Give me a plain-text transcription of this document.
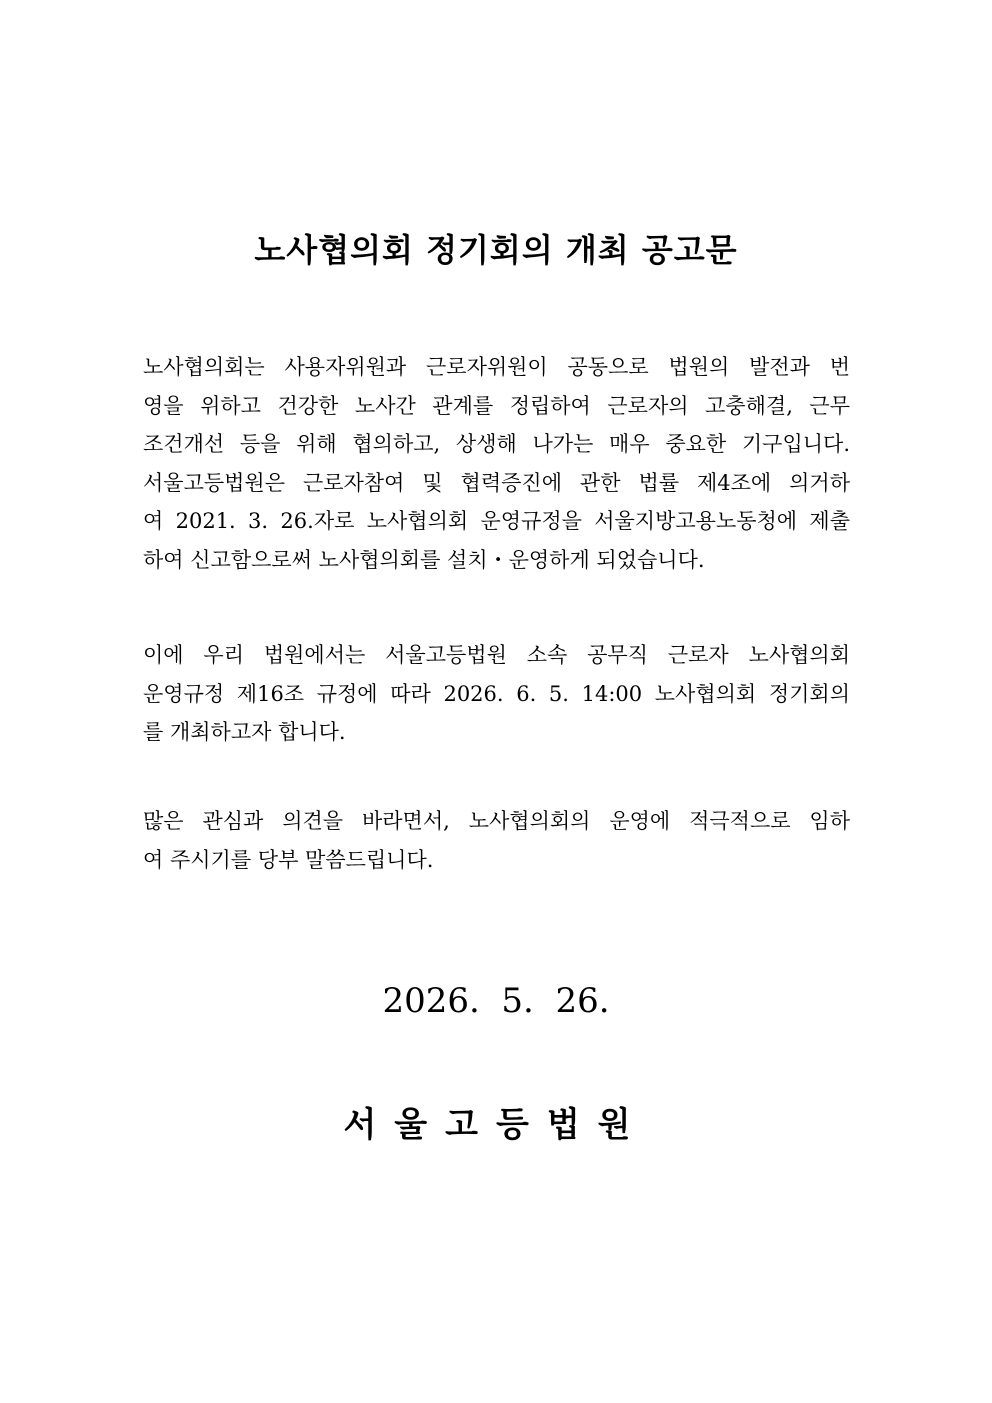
노사협의회 정기회의 개최 공고문
노사협의회는 사용자위원과 근로자위원이 공동으로 법원의 발전과 번
영을 위하고 건강한 노사간 관계를 정립하여 근로자의 고충해결, 근무
조건개선 등을 위해 협의하고, 상생해 나가는 매우 중요한 기구입니다.
서울고등법원은 근로자참여 및 협력증진에 관한 법률 제4조에 의거하
여 2021. 3. 26.자로 노사협의회 운영규정을 서울지방고용노동청에 제출
하여 신고함으로써 노사협의회를 설치・운영하게 되었습니다.
이에 우리 법원에서는 서울고등법원 소속 공무직 근로자 노사협의회
운영규정 제16조 규정에 따라 2026. 6. 5. 14:00 노사협의회 정기회의
를 개최하고자 합니다.
많은 관심과 의견을 바라면서, 노사협의회의 운영에 적극적으로 임하
여 주시기를 당부 말씀드립니다.
2026.  5.  26.
서울고등법원
